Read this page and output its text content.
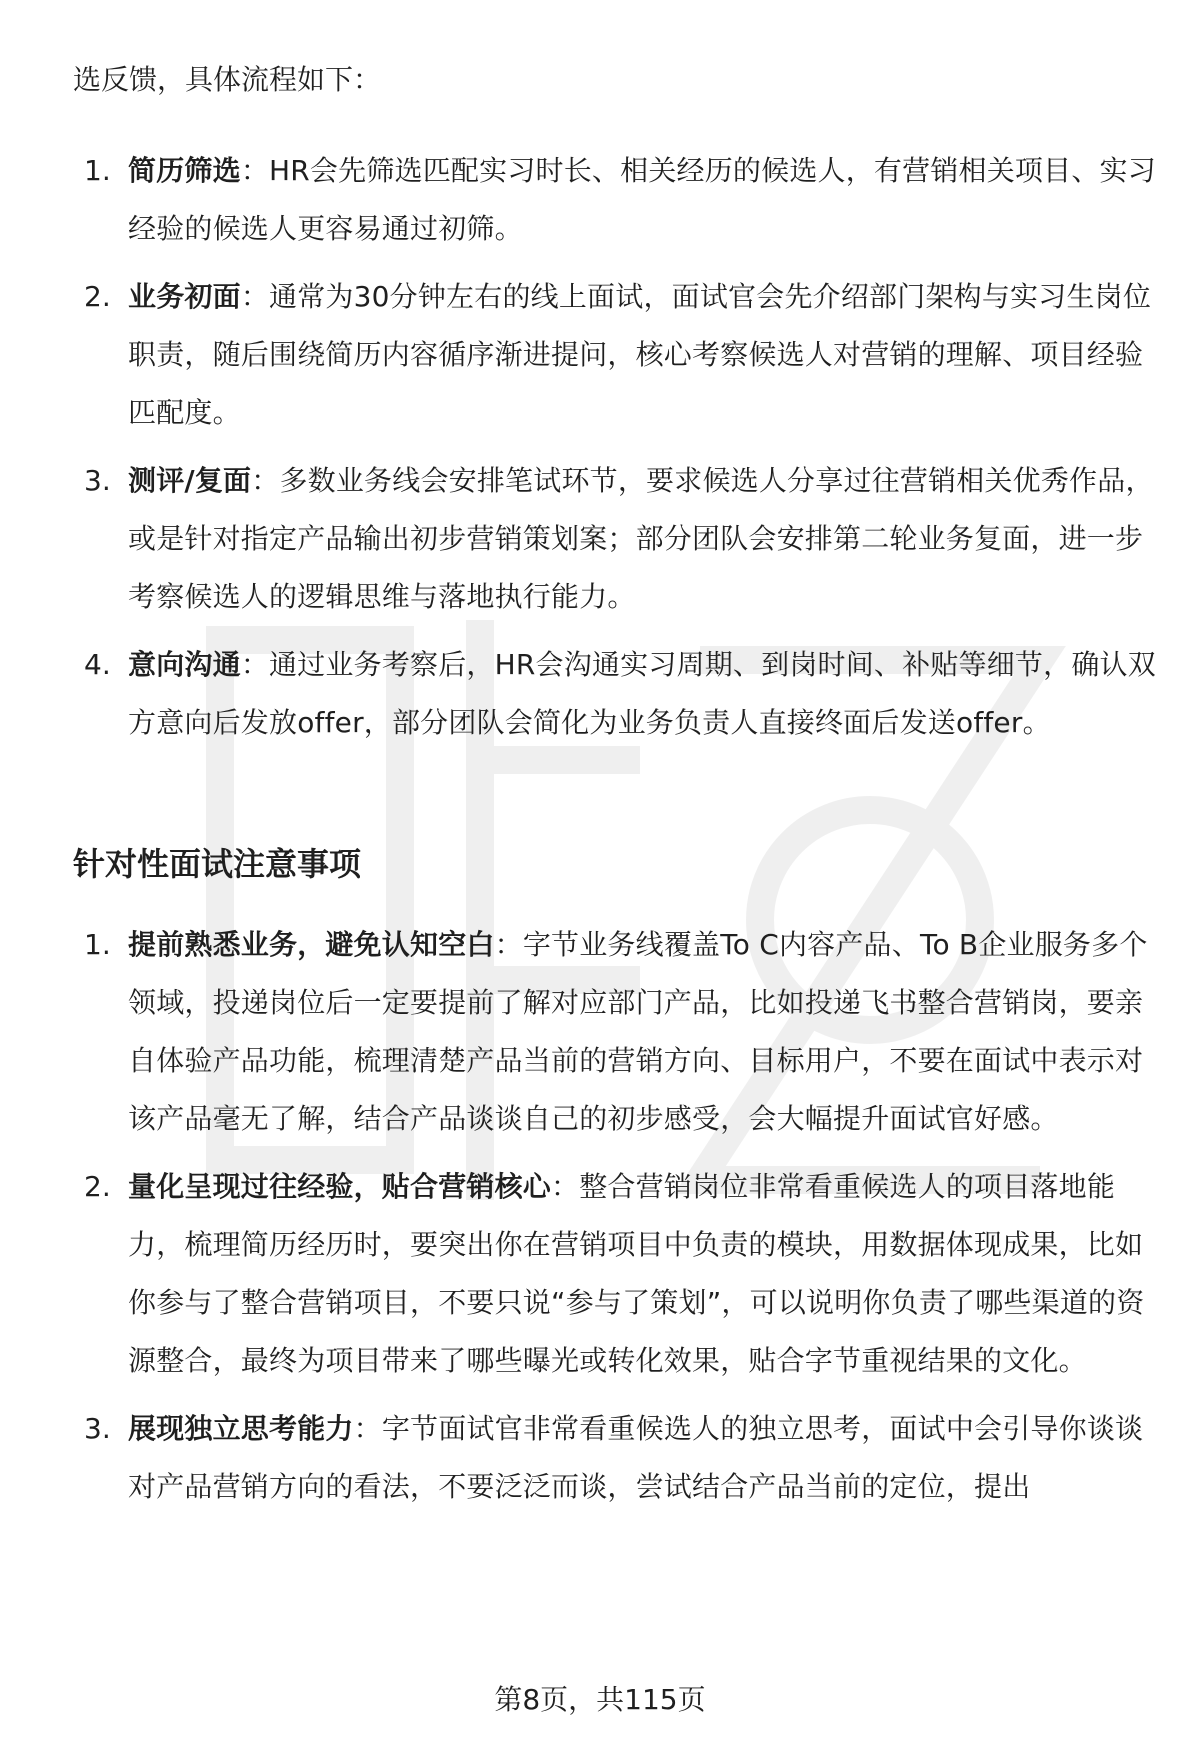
选反馈，具体流程如下：

1. 简历筛选：HR会先筛选匹配实习时长、相关经历的候选人，有营销相关项目、实习经验的候选人更容易通过初筛。
2. 业务初面：通常为30分钟左右的线上面试，面试官会先介绍部门架构与实习生岗位职责，随后围绕简历内容循序渐进提问，核心考察候选人对营销的理解、项目经验匹配度。
3. 测评/复面：多数业务线会安排笔试环节，要求候选人分享过往营销相关优秀作品，或是针对指定产品输出初步营销策划案；部分团队会安排第二轮业务复面，进一步考察候选人的逻辑思维与落地执行能力。
4. 意向沟通：通过业务考察后，HR会沟通实习周期、到岗时间、补贴等细节，确认双方意向后发放offer，部分团队会简化为业务负责人直接终面后发送offer。
针对性面试注意事项
1. 提前熟悉业务，避免认知空白：字节业务线覆盖To C内容产品、To B企业服务多个领域，投递岗位后一定要提前了解对应部门产品，比如投递飞书整合营销岗，要亲自体验产品功能，梳理清楚产品当前的营销方向、目标用户，不要在面试中表示对该产品毫无了解，结合产品谈谈自己的初步感受，会大幅提升面试官好感。
2. 量化呈现过往经验，贴合营销核心：整合营销岗位非常看重候选人的项目落地能力，梳理简历经历时，要突出你在营销项目中负责的模块，用数据体现成果，比如你参与了整合营销项目，不要只说“参与了策划”，可以说明你负责了哪些渠道的资源整合，最终为项目带来了哪些曝光或转化效果，贴合字节重视结果的文化。
3. 展现独立思考能力：字节面试官非常看重候选人的独立思考，面试中会引导你谈谈对产品营销方向的看法，不要泛泛而谈，尝试结合产品当前的定位，提出
第8页，共115页
